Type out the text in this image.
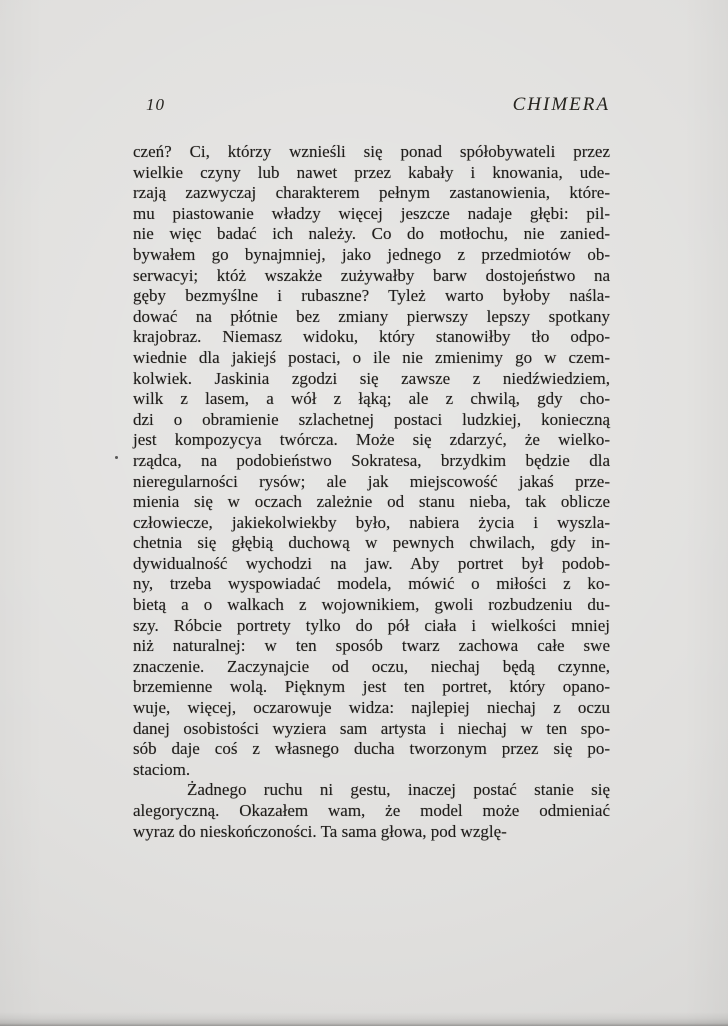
10	CHIMERA
czeń? Ci, którzy wznieśli się ponad spółobywateli przez
wielkie czyny lub nawet przez kabały i knowania, ude-
rzają zazwyczaj charakterem pełnym zastanowienia, które-
mu piastowanie władzy więcej jeszcze nadaje głębi: pil-
nie więc badać ich należy. Co do motłochu, nie zanied-
bywałem go bynajmniej, jako jednego z przedmiotów ob-
serwacyi; któż wszakże zużywałby barw dostojeństwo na
gęby bezmyślne i rubaszne? Tyleż warto byłoby naśla-
dować na płótnie bez zmiany pierwszy lepszy spotkany
krajobraz. Niemasz widoku, który stanowiłby tło odpo-
wiednie dla jakiejś postaci, o ile nie zmienimy go w czem-
kolwiek. Jaskinia zgodzi się zawsze z niedźwiedziem,
wilk z lasem, a wół z łąką; ale z chwilą, gdy cho-
dzi o obramienie szlachetnej postaci ludzkiej, konieczną
jest kompozycya twórcza. Może się zdarzyć, że wielko-
rządca, na podobieństwo Sokratesa, brzydkim będzie dla
nieregularności rysów; ale jak miejscowość jakaś prze-
mienia się w oczach zależnie od stanu nieba, tak oblicze
człowiecze, jakiekolwiekby było, nabiera życia i wyszla-
chetnia się głębią duchową w pewnych chwilach, gdy in-
dywidualność wychodzi na jaw. Aby portret był podob-
ny, trzeba wyspowiadać modela, mówić o miłości z ko-
bietą a o walkach z wojownikiem, gwoli rozbudzeniu du-
szy. Róbcie portrety tylko do pół ciała i wielkości mniej
niż naturalnej: w ten sposób twarz zachowa całe swe
znaczenie. Zaczynajcie od oczu, niechaj będą czynne,
brzemienne wolą. Pięknym jest ten portret, który opano-
wuje, więcej, oczarowuje widza: najlepiej niechaj z oczu
danej osobistości wyziera sam artysta i niechaj w ten spo-
sób daje coś z własnego ducha tworzonym przez się po-
staciom.
Żadnego ruchu ni gestu, inaczej postać stanie się
alegoryczną. Okazałem wam, że model może odmieniać
wyraz do nieskończoności. Ta sama głowa, pod wzglę-
